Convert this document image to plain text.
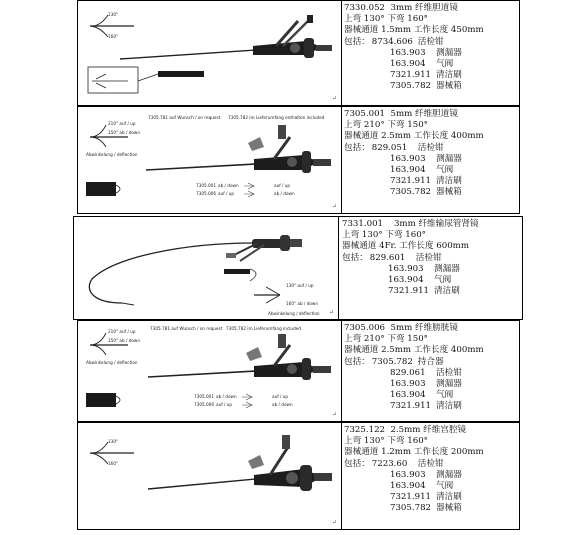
130°
160°
↵
7330.052 3mm 纤维胆道镜
上弯 130° 下弯 160°
器械通道 1.5mm 工作长度 450mm
包括： 8734.606 活检钳
163.903 测漏器
163.904 气阀
7321.911 清洁刷
7305.782 器械箱
210° auf / up
150° ab / down
Abwinkelung / deflection
7305.781 auf Wunsch / on request 7305.782 im Lieferumfang enthalten included
7305.001
7305.006
ab / down	auf / up
auf / up	ab / down
↵
7305.001 5mm 纤维胆道镜
上弯 210° 下弯 150°
器械通道 2.5mm 工作长度 400mm
包括： 829.051 活检钳
163.903 测漏器
163.904 气阀
7321.911 清洁刷
7305.782 器械箱
130° auf / up
160° ab / down
Abwinkelung / deflection ↵
7331.001 3mm 纤维输尿管肾镜
上弯 130° 下弯 160°
器械通道 4Fr. 工作长度 600mm
包括： 829.601 活检钳
163.903 测漏器
163.904 气阀
7321.911 清洁刷
210° auf / up
150° ab / down
Abwinkelung / deflection
7305.781 auf Wunsch / on request 7305.782 im Lieferumfang included
7305.001
7305.006
ab / down	auf / up
auf / up	ab / down
↵
7305.006 5mm 纤维膀胱镜
上弯 210° 下弯 150°
器械通道 2.5mm 工作长度 400mm
包括： 7305.782 持合器
829.061 活检钳
163.903 测漏器
163.904 气阀
7321.911 清洁刷
130°
160°
↵
7325.122 2.5mm 纤维宫腔镜
上弯 130° 下弯 160°
器械通道 1.2mm 工作长度 200mm
包括： 7223.60 活检钳
163.903 测漏器
163.904 气阀
7321.911 清洁刷
7305.782 器械箱
